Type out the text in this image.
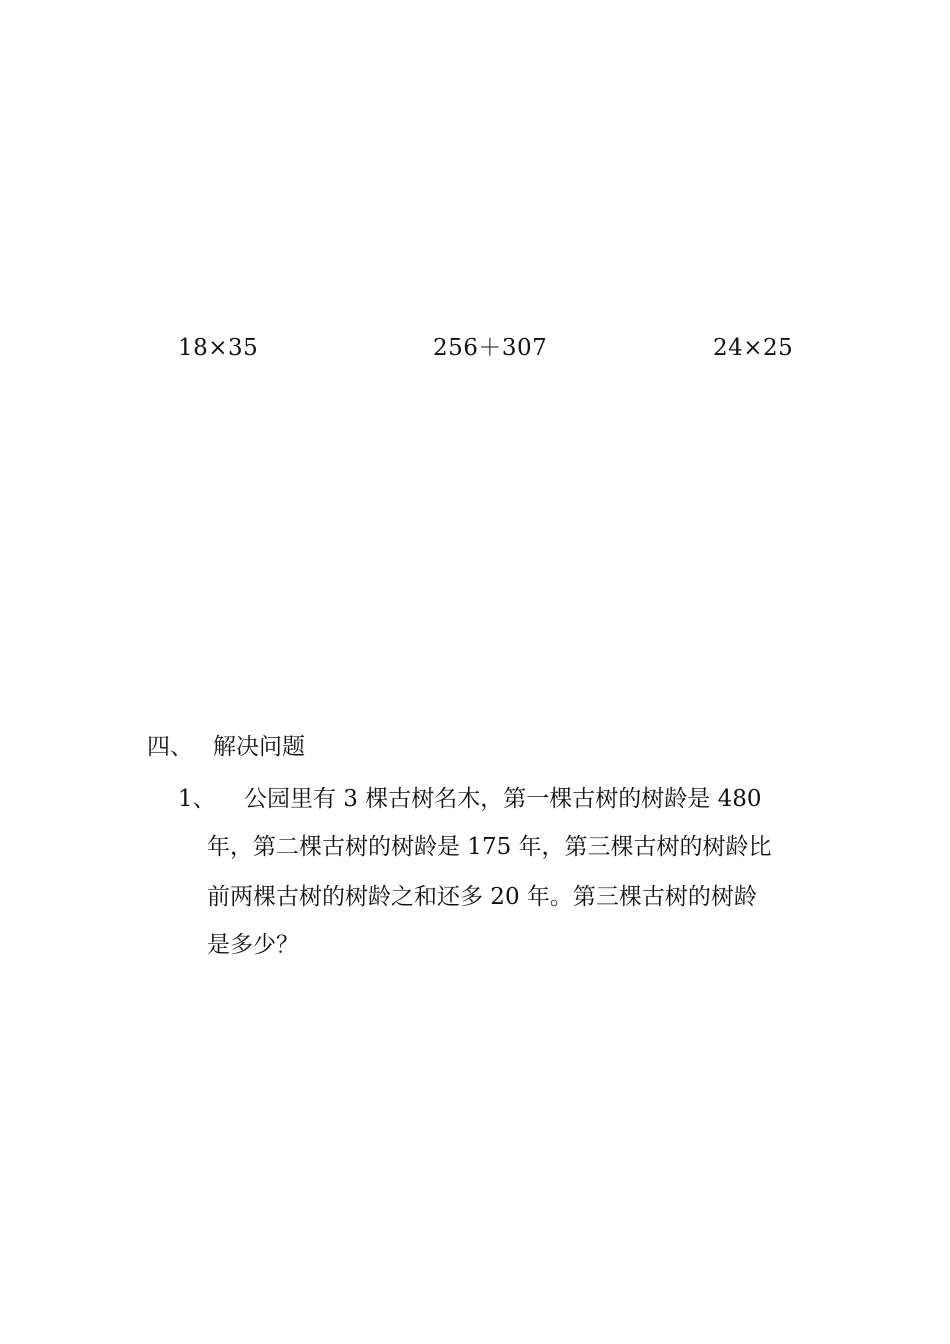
18×35	256＋307	24×25
四、 解决问题
1、 公园里有 3 棵古树名木，第一棵古树的树龄是 480
年，第二棵古树的树龄是 175 年，第三棵古树的树龄比
前两棵古树的树龄之和还多 20 年。第三棵古树的树龄
是多少？
